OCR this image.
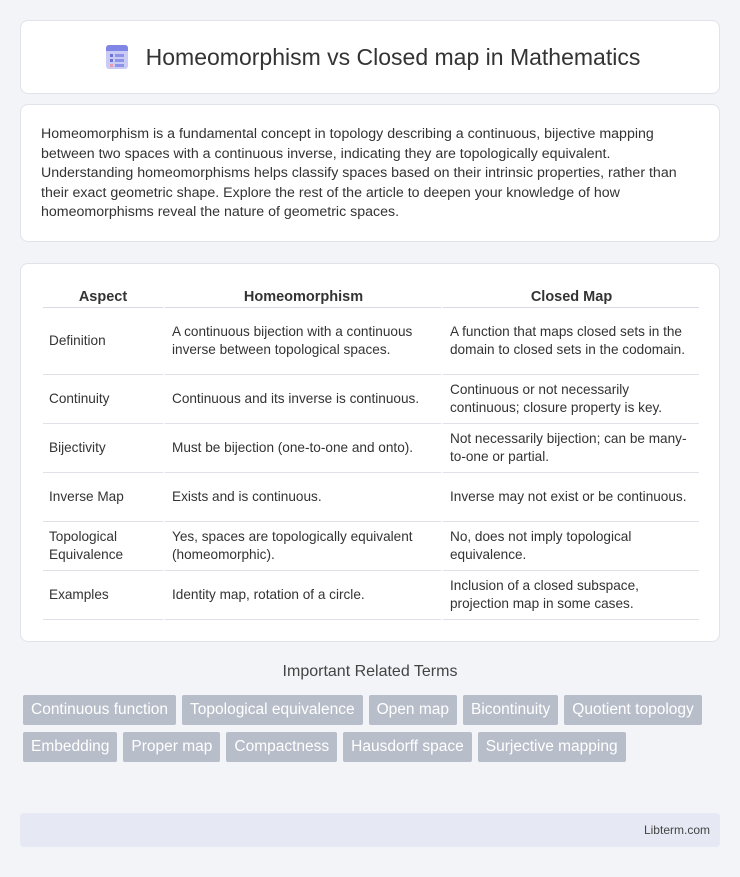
Homeomorphism vs Closed map in Mathematics

Homeomorphism is a fundamental concept in topology describing a continuous, bijective mapping between two spaces with a continuous inverse, indicating they are topologically equivalent. Understanding homeomorphisms helps classify spaces based on their intrinsic properties, rather than their exact geometric shape. Explore the rest of the article to deepen your knowledge of how homeomorphisms reveal the nature of geometric spaces.

Aspect	Homeomorphism	Closed Map
Definition	A continuous bijection with a continuous inverse between topological spaces.	A function that maps closed sets in the domain to closed sets in the codomain.
Continuity	Continuous and its inverse is continuous.	Continuous or not necessarily continuous; closure property is key.
Bijectivity	Must be bijection (one-to-one and onto).	Not necessarily bijection; can be many-to-one or partial.
Inverse Map	Exists and is continuous.	Inverse may not exist or be continuous.
Topological Equivalence	Yes, spaces are topologically equivalent (homeomorphic).	No, does not imply topological equivalence.
Examples	Identity map, rotation of a circle.	Inclusion of a closed subspace, projection map in some cases.
Important Related Terms
Continuous function	Topological equivalence	Open map	Bicontinuity	Quotient topology
Embedding	Proper map	Compactness	Hausdorff space	Surjective mapping
Libterm.com
